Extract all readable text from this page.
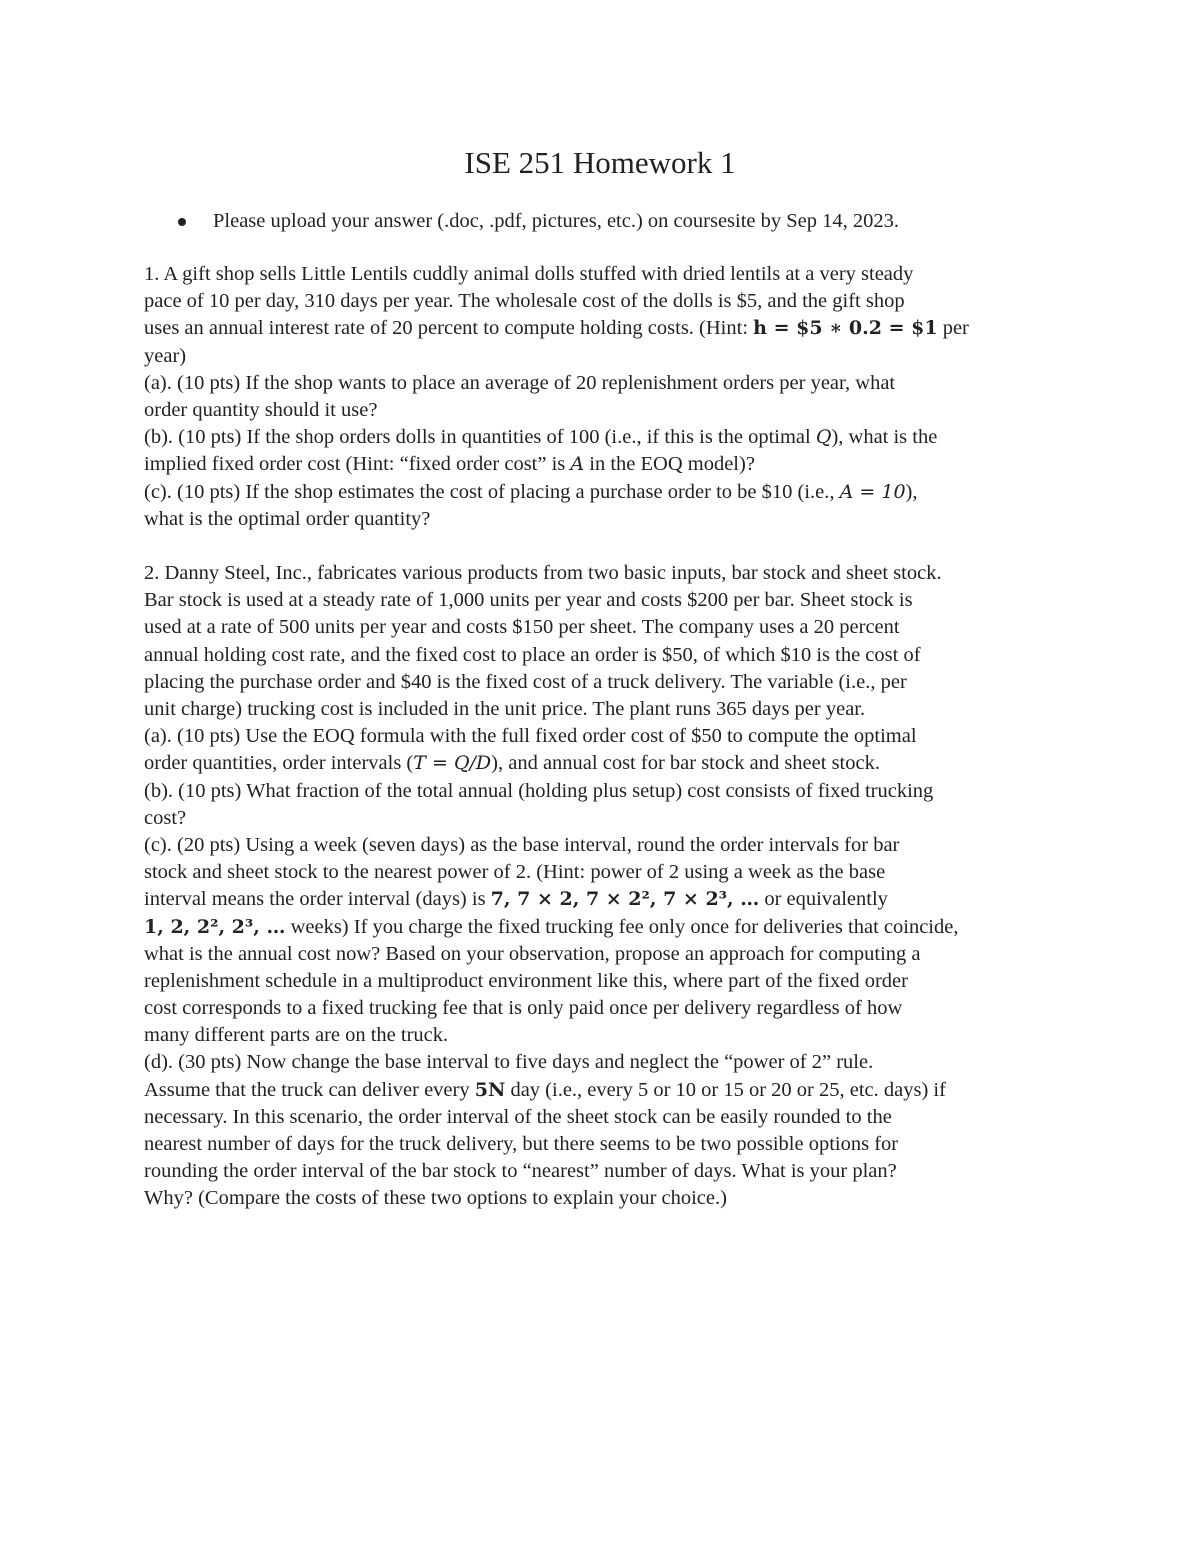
ISE 251 Homework 1
Please upload your answer (.doc, .pdf, pictures, etc.) on coursesite by Sep 14, 2023.
1. A gift shop sells Little Lentils cuddly animal dolls stuffed with dried lentils at a very steady
pace of 10 per day, 310 days per year. The wholesale cost of the dolls is $5, and the gift shop
uses an annual interest rate of 20 percent to compute holding costs. (Hint: h = $5 ∗ 0.2 = $1 per
year)
(a). (10 pts) If the shop wants to place an average of 20 replenishment orders per year, what
order quantity should it use?
(b). (10 pts) If the shop orders dolls in quantities of 100 (i.e., if this is the optimal Q), what is the
implied fixed order cost (Hint: “fixed order cost” is A in the EOQ model)?
(c). (10 pts) If the shop estimates the cost of placing a purchase order to be $10 (i.e., A = 10),
what is the optimal order quantity?
2. Danny Steel, Inc., fabricates various products from two basic inputs, bar stock and sheet stock.
Bar stock is used at a steady rate of 1,000 units per year and costs $200 per bar. Sheet stock is
used at a rate of 500 units per year and costs $150 per sheet. The company uses a 20 percent
annual holding cost rate, and the fixed cost to place an order is $50, of which $10 is the cost of
placing the purchase order and $40 is the fixed cost of a truck delivery. The variable (i.e., per
unit charge) trucking cost is included in the unit price. The plant runs 365 days per year.
(a). (10 pts) Use the EOQ formula with the full fixed order cost of $50 to compute the optimal
order quantities, order intervals (T = Q/D), and annual cost for bar stock and sheet stock.
(b). (10 pts) What fraction of the total annual (holding plus setup) cost consists of fixed trucking
cost?
(c). (20 pts) Using a week (seven days) as the base interval, round the order intervals for bar
stock and sheet stock to the nearest power of 2. (Hint: power of 2 using a week as the base
interval means the order interval (days) is 7, 7 × 2, 7 × 2², 7 × 2³, … or equivalently
1, 2, 2², 2³, … weeks) If you charge the fixed trucking fee only once for deliveries that coincide,
what is the annual cost now? Based on your observation, propose an approach for computing a
replenishment schedule in a multiproduct environment like this, where part of the fixed order
cost corresponds to a fixed trucking fee that is only paid once per delivery regardless of how
many different parts are on the truck.
(d). (30 pts) Now change the base interval to five days and neglect the “power of 2” rule.
Assume that the truck can deliver every 5N day (i.e., every 5 or 10 or 15 or 20 or 25, etc. days) if
necessary. In this scenario, the order interval of the sheet stock can be easily rounded to the
nearest number of days for the truck delivery, but there seems to be two possible options for
rounding the order interval of the bar stock to “nearest” number of days. What is your plan?
Why? (Compare the costs of these two options to explain your choice.)
